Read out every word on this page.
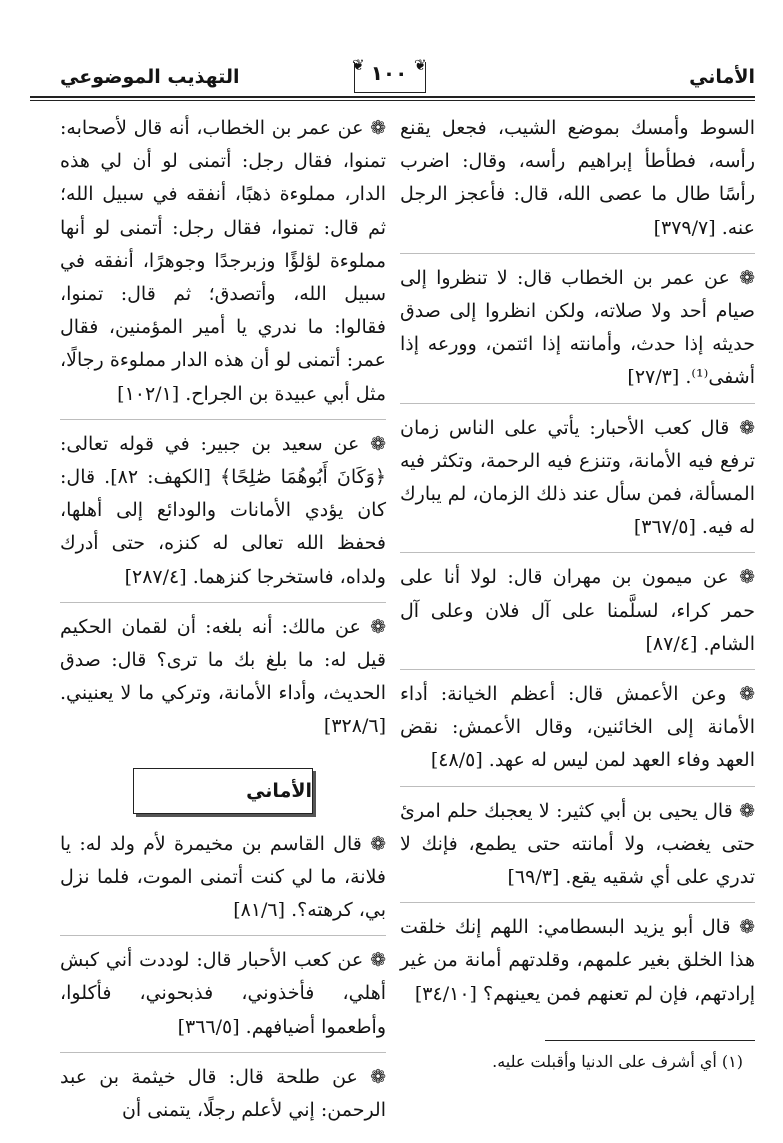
التهذيب الموضوعي
❦	❦
١٠٠	الأماني
السوط وأمسك بموضع الشيب، فجعل يقنع رأسه، فطأطأ إبراهيم رأسه، وقال: اضرب رأسًا طال ما عصى الله، قال: فأعجز الرجل عنه. [٣٧٩/٧]
❁ عن عمر بن الخطاب قال: لا تنظروا إلى صيام أحد ولا صلاته، ولكن انظروا إلى صدق حديثه إذا حدث، وأمانته إذا ائتمن، وورعه إذا أشفى⁽¹⁾. [٢٧/٣]
❁ قال كعب الأحبار: يأتي على الناس زمان ترفع فيه الأمانة، وتنزع فيه الرحمة، وتكثر فيه المسألة، فمن سأل عند ذلك الزمان، لم يبارك له فيه. [٣٦٧/٥]
❁ عن ميمون بن مهران قال: لولا أنا على حمر كراء، لسلَّمنا على آل فلان وعلى آل الشام. [٨٧/٤]
❁ وعن الأعمش قال: أعظم الخيانة: أداء الأمانة إلى الخائنين، وقال الأعمش: نقض العهد وفاء العهد لمن ليس له عهد. [٤٨/٥]
❁ قال يحيى بن أبي كثير: لا يعجبك حلم امرئ حتى يغضب، ولا أمانته حتى يطمع، فإنك لا تدري على أي شقيه يقع. [٦٩/٣]
❁ قال أبو يزيد البسطامي: اللهم إنك خلقت هذا الخلق بغير علمهم، وقلدتهم أمانة من غير إرادتهم، فإن لم تعنهم فمن يعينهم؟ [٣٤/١٠]
❁ عن عمر بن الخطاب، أنه قال لأصحابه: تمنوا، فقال رجل: أتمنى لو أن لي هذه الدار، مملوءة ذهبًا، أنفقه في سبيل الله؛ ثم قال: تمنوا، فقال رجل: أتمنى لو أنها مملوءة لؤلؤًا وزبرجدًا وجوهرًا، أنفقه في سبيل الله، وأتصدق؛ ثم قال: تمنوا، فقالوا: ما ندري يا أمير المؤمنين، فقال عمر: أتمنى لو أن هذه الدار مملوءة رجالًا، مثل أبي عبيدة بن الجراح. [١٠٢/١]
❁ عن سعيد بن جبير: في قوله تعالى: ﴿وَكَانَ أَبُوهُمَا صَٰلِحًا﴾ [الكهف: ٨٢]. قال: كان يؤدي الأمانات والودائع إلى أهلها، فحفظ الله تعالى له كنزه، حتى أدرك ولداه، فاستخرجا كنزهما. [٢٨٧/٤]
❁ عن مالك: أنه بلغه: أن لقمان الحكيم قيل له: ما بلغ بك ما ترى؟ قال: صدق الحديث، وأداء الأمانة، وتركي ما لا يعنيني. [٣٢٨/٦]
الأماني
❁ قال القاسم بن مخيمرة لأم ولد له: يا فلانة، ما لي كنت أتمنى الموت، فلما نزل بي، كرهته؟. [٨١/٦]
❁ عن كعب الأحبار قال: لوددت أني كبش أهلي، فأخذوني، فذبحوني، فأكلوا، وأطعموا أضيافهم. [٣٦٦/٥]
❁ عن طلحة قال: قال خيثمة بن عبد الرحمن: إني لأعلم رجلًا، يتمنى أن
(١) أي أشرف على الدنيا وأقبلت عليه.
